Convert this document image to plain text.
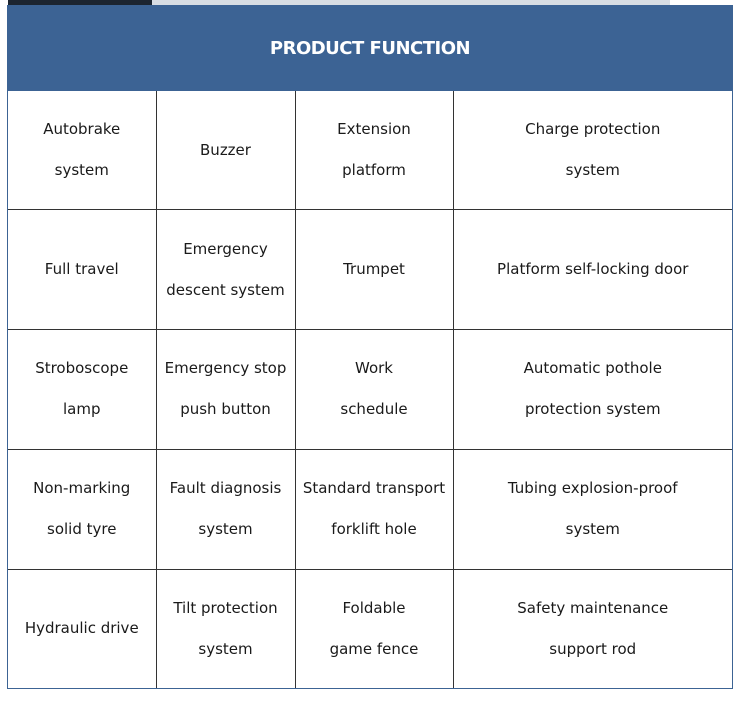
PRODUCT FUNCTION
Autobrake
system	Buzzer	Extension
platform	Charge protection
system

Full travel	Emergency
descent system	Trumpet	Platform self-locking door

Stroboscope
lamp	Emergency stop
push button	Work
schedule	Automatic pothole
protection system

Non-marking
solid tyre	Fault diagnosis
system	Standard transport
forklift hole	Tubing explosion-proof
system

Hydraulic drive	Tilt protection
system	Foldable
game fence	Safety maintenance
support rod
